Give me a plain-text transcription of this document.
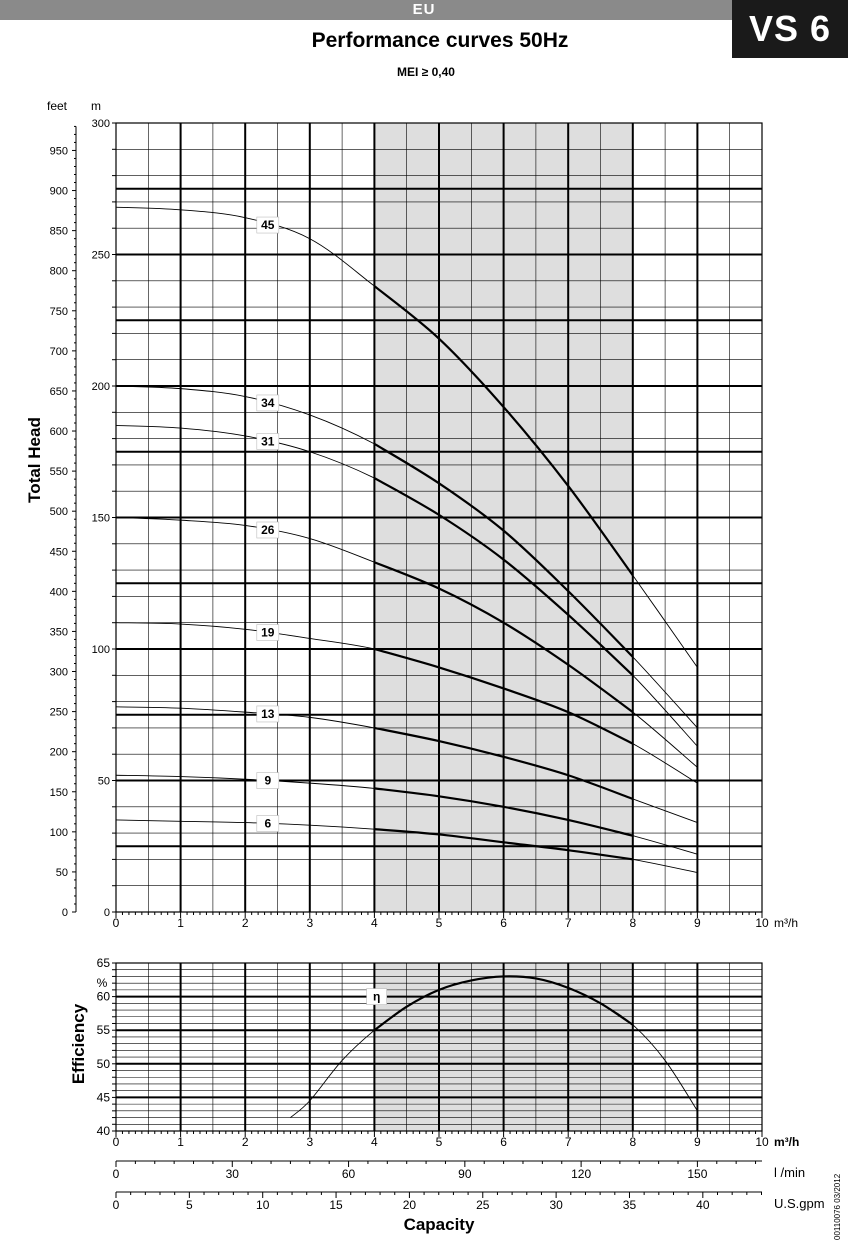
EU	VS 6
Performance curves 50Hz
MEI ≥ 0,40
45
34
31
26
19
13
9
6
0
50
100
150
200
250
300
350
400
450
500
550
600
650
700
750
800
850
900
950
0
50
100
150
200
250
300
0	1	2	3	4	5	6	7	8	9	10
η
40
45
50
55
60
65
0	1	2	3	4	5	6	7	8	9	10
0	30	60	90	120	150
0	5	10	15	20	25	30	35	40
Total Head
feet m
m³/h
Efficiency
%
m³/h
l /min
U.S.gpm
Capacity	00110076 03/2012
